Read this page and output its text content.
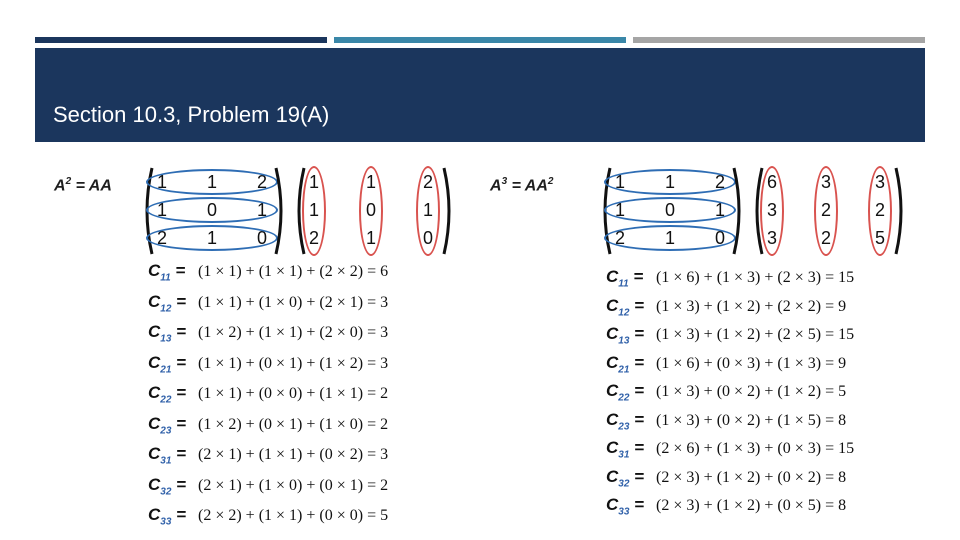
Section 10.3, Problem 19(A)
$A^2$ = AA	1 1 2
1 0 1
2 1 0
1
1
2
1
0
1
2
1
0
$C_{11} = (1 \times 1) + (1 \times 1) + (2 \times 2) = 6$
$C_{12} = (1 \times 1) + (1 \times 0) + (2 \times 1) = 3$
$C_{13} = (1 \times 2) + (1 \times 1) + (2 \times 0) = 3$
$C_{21} = (1 \times 1) + (0 \times 1) + (1 \times 2) = 3$
$C_{22} = (1 \times 1) + (0 \times 0) + (1 \times 1) = 2$
$C_{23} = (1 \times 2) + (0 \times 1) + (1 \times 0) = 2$
$C_{31} = (2 \times 1) + (1 \times 1) + (0 \times 2) = 3$
$C_{32} = (2 \times 1) + (1 \times 0) + (0 \times 1) = 2$
$C_{33} = (2 \times 2) + (1 \times 1) + (0 \times 0) = 5$
$A^3 = AA^2$	1 1 2
1 0 1
2 1 0
6
3
3
3
2
2
3
2
5
$C_{11} = (1 \times 6) + (1 \times 3) + (2 \times 3) = 15$
$C_{12} = (1 \times 3) + (1 \times 2) + (2 \times 2) = 9$
$C_{13} = (1 \times 3) + (1 \times 2) + (2 \times 5) = 15$
$C_{21} = (1 \times 6) + (0 \times 3) + (1 \times 3) = 9$
$C_{22} = (1 \times 3) + (0 \times 2) + (1 \times 2) = 5$
$C_{23} = (1 \times 3) + (0 \times 2) + (1 \times 5) = 8$
$C_{31} = (2 \times 6) + (1 \times 3) + (0 \times 3) = 15$
$C_{32} = (2 \times 3) + (1 \times 2) + (0 \times 2) = 8$
$C_{33} = (2 \times 3) + (1 \times 2) + (0 \times 5) = 8$
